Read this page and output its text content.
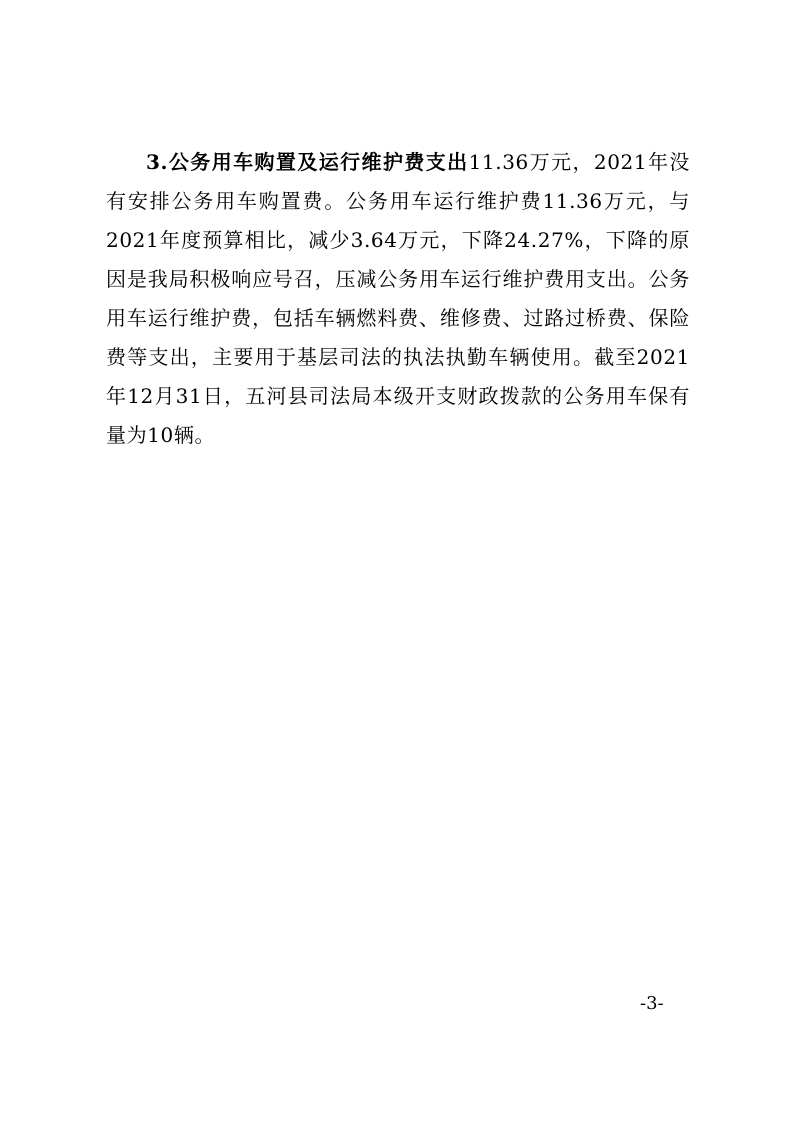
3.公务用车购置及运行维护费支出11.36万元，2021年没有安排公务用车购置费。公务用车运行维护费11.36万元，与2021年度预算相比，减少3.64万元，下降24.27%，下降的原因是我局积极响应号召，压减公务用车运行维护费用支出。公务用车运行维护费，包括车辆燃料费、维修费、过路过桥费、保险费等支出，主要用于基层司法的执法执勤车辆使用。截至2021年12月31日，五河县司法局本级开支财政拨款的公务用车保有量为10辆。

-3-
